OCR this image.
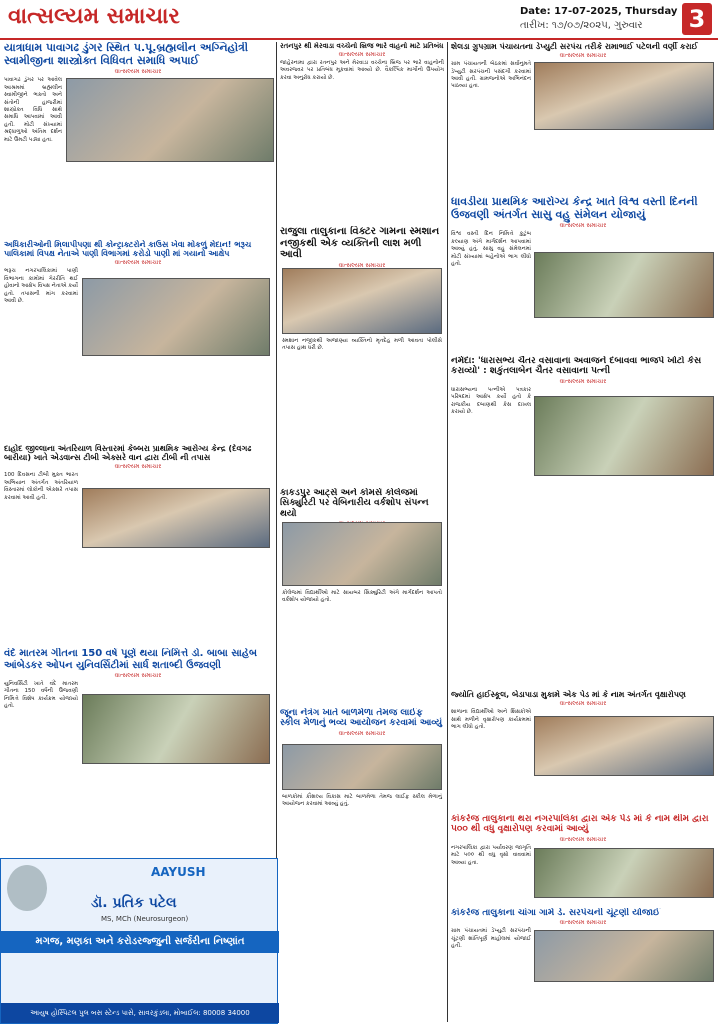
વાત્સલ્યમ સમાચાર	Date: 17-07-2025, Thursday
તારીખ: ૧૭/૦૭/૨૦૨૫, ગુરુવાર 3
યાત્રાધામ પાવાગઢ ડુંગર સ્થિત પ.પૂ.બ્રહ્મલીન અગ્નિહોત્રી સ્વામીજીના શાસ્ત્રોક્ત વિધિવત સમાધિ અપાઈ
વાત્સલ્યમ સમાચાર
પાવાગઢ ડુંગર પર આવેલ આશ્રમમાં બ્રહ્મલીન સ્વામીજીને ભક્તો અને સંતોની હાજરીમાં શાસ્ત્રોક્ત વિધિ સાથે સમાધિ આપવામાં આવી હતી. મોટી સંખ્યામાં શ્રદ્ધાળુઓ અંતિમ દર્શન માટે ઉમટી પડ્યા હતા.
રતનપુર થી મેરવાડા વચ્ચેનો બ્રિજ ભારે વાહનો માટે પ્રતિબંધ
વાત્સલ્યમ સમાચાર
જાહેરનામા દ્વારા રતનપુર અને મેરવાડા વચ્ચેના બ્રિજ પર ભારે વાહનોની અવરજવર પર પ્રતિબંધ મૂકવામાં આવ્યો છે. વૈકલ્પિક માર્ગોનો ઉપયોગ કરવા અનુરોધ કરાયો છે.
શેલડા ગ્રુપગ્રામ પંચાયતના ડેપ્યુટી સરપંચ તરીકે રામાભાઈ પટેલની વર્ણી કરાઈ
વાત્સલ્યમ સમાચાર
ગ્રામ પંચાયતની બેઠકમાં સર્વાનુમતે ડેપ્યુટી સરપંચની પસંદગી કરવામાં આવી હતી. ગ્રામજનોએ અભિનંદન પાઠવ્યા હતા.
ધાવડીયા પ્રાથમિક આરોગ્ય કેન્દ્ર ખાતે વિશ્વ વસ્તી દિનની ઉજવણી અંતર્ગત સાસુ વહુ સંમેલન યોજાયું
વાત્સલ્યમ સમાચાર
વિશ્વ વસ્તી દિન નિમિત્તે કુટુંબ કલ્યાણ અંગે માર્ગદર્શન આપવામાં આવ્યું હતું. સાસુ વહુ સંમેલનમાં મોટી સંખ્યામાં બહેનોએ ભાગ લીધો હતો.
અધિકારીઓની મિલાપીપણા થી કોન્ટ્રાક્ટરોને કાઉંસ ખેવા મોકળું મેદાન! ભરૂચ પાલિકામાં વિપક્ષ નેતાએ પાણી વિભાગમાં કરોડો પાણી માં ગયાનો આક્ષેપ
વાત્સલ્યમ સમાચાર
ભરૂચ નગરપાલિકામાં પાણી વિભાગના કામોમાં ગેરરીતિ થઈ હોવાનો આક્ષેપ વિપક્ષ નેતાએ કર્યો હતો. તપાસની માંગ કરવામાં આવી છે.
રાજુલા તાલુકાના વિક્ટર ગામના સ્મશાન નજીકથી એક વ્યક્તિની લાશ મળી આવી
વાત્સલ્યમ સમાચાર
સ્મશાન નજીકથી અજાણ્યા વ્યક્તિનો મૃતદેહ મળી આવતા પોલીસે તપાસ હાથ ધરી છે.
નર્મદા: 'ધારાસભ્ય ચૈતર વસાવાના અવાજને દબાવવા ભાજપે ખોટો કેસ કરાવ્યો' : શકુંતલાબેન ચૈતર વસાવાના પત્ની
વાત્સલ્યમ સમાચાર
ધારાસભ્યના પત્નીએ પત્રકાર પરિષદમાં આક્ષેપ કર્યો હતો કે રાજકીય દબાણથી કેસ દાખલ કરાયો છે.
દાહોદ જીલ્લાના અંતરિયાળ વિસ્તારમાં કેબ્બરા પ્રાથમિક આરોગ્ય કેન્દ્ર (દેવગઢ બારીયા) ખાતે એડવાન્સ ટીબી એક્સરે વાન દ્વારા ટીબી ની તપાસ
વાત્સલ્યમ સમાચાર
100 દિવસના ટીબી મુક્ત ભારત અભિયાન અંતર્ગત અંતરિયાળ વિસ્તારમાં લોકોની એક્સરે તપાસ કરવામાં આવી હતી.	કાકડપુર આર્ટ્સ અને કોમર્સ કોલેજમાં સિક્યુરિટી પર વેબિનારીય વર્કશોપ સંપન્ન થયો
કોલેજમાં વિદ્યાર્થીઓ માટે સાયબર સિક્યુરિટી અંગે માર્ગદર્શન આપતો વર્કશોપ યોજાયો હતો.
જ્યોતિ હાઈસ્કૂલ, બેડાપાડા મુકામે એક પેડ માં કે નામ અંતર્ગત વૃક્ષારોપણ
વાત્સલ્યમ સમાચાર
શાળાના વિદ્યાર્થીઓ અને શિક્ષકોએ સાથે મળીને વૃક્ષારોપણ કાર્યક્રમમાં ભાગ લીધો હતો.
વંદે માતરમ ગીતના 150 વર્ષ પૂર્ણ થયા નિમિત્તે ડો. બાબા સાહેબ આંબેડકર ઓપન યુનિવર્સિટીમાં સાર્ધ શતાબ્દી ઉજવણી
વાત્સલ્યમ સમાચાર
યુનિવર્સિટી ખાતે વંદે માતરમ ગીતના 150 વર્ષની ઉજવણી નિમિત્તે વિશેષ કાર્યક્રમ યોજાયો હતો.
જૂના નેત્રંગ ખાતે બાળમેળા તેમજ લાઈફ સ્કીલ મેળાનું ભવ્ય આયોજન કરવામાં આવ્યું
વાત્સલ્યમ સમાચાર
બાળકોમાં કૌશલ્ય વિકાસ માટે બાળમેળા તેમજ લાઈફ સ્કીલ મેળાનું આયોજન કરવામાં આવ્યું હતું.
કાંકરેજ તાલુકાના થરા નગરપાલિકા દ્વારા એક પેડ માં કે નામ થીમ દ્વારા ૫૦૦ થી વધુ વૃક્ષારોપણ કરવામાં આવ્યું
વાત્સલ્યમ સમાચાર
નગરપાલિકા દ્વારા પર્યાવરણ જાગૃતિ માટે ૫૦૦ થી વધુ વૃક્ષો વાવવામાં આવ્યા હતા.
કાંકરેજ તાલુકાના ચાંગા ગામે ડે. સરપંચની ચૂંટણી યોજાઈ
વાત્સલ્યમ સમાચાર
ગ્રામ પંચાયતમાં ડેપ્યુટી સરપંચની ચૂંટણી શાંતિપૂર્ણ માહોલમાં યોજાઈ હતી.
AAYUSH
ડૉ. પ્રતિક પટેલ
MS, MCh (Neurosurgeon)
મગજ, મણકા અને કરોડરજ્જુની સર્જરીના નિષ્ણાંત
આયુષ હોસ્પિટલ પુલ બસ સ્ટેન્ડ પાસે, સાવરકુંડલા, મોબાઈલ: 80008 34000
